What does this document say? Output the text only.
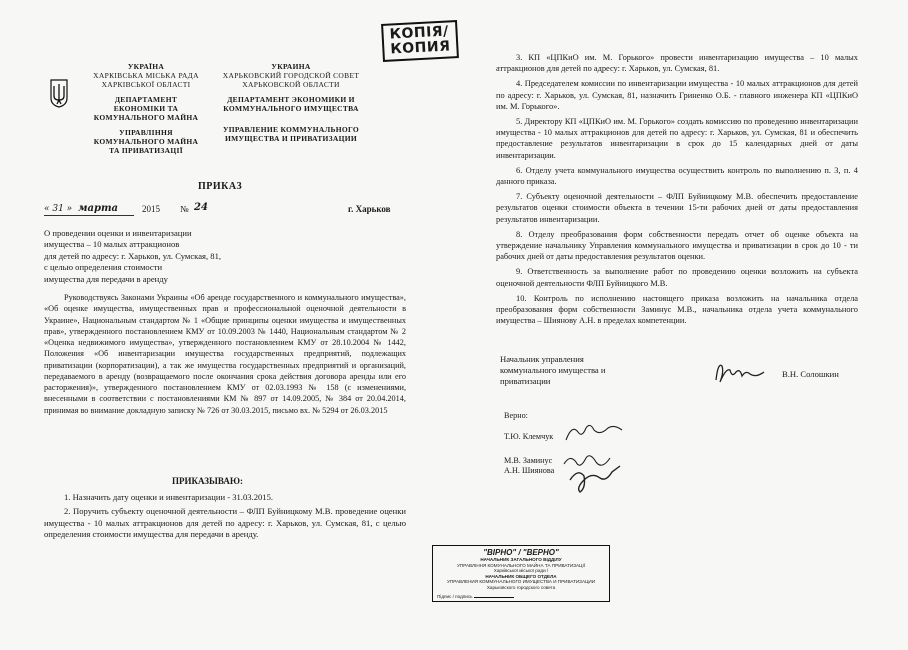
КОПІЯ/
КОПИЯ
УКРАЇНА
ХАРКІВСЬКА МІСЬКА РАДА
ХАРКІВСЬКОЇ ОБЛАСТІ
ДЕПАРТАМЕНТ
ЕКОНОМІКИ ТА
КОМУНАЛЬНОГО МАЙНА
УПРАВЛІННЯ
КОМУНАЛЬНОГО МАЙНА
ТА ПРИВАТИЗАЦІЇ
УКРАИНА
ХАРЬКОВСКИЙ ГОРОДСКОЙ СОВЕТ
ХАРЬКОВСКОЙ ОБЛАСТИ
ДЕПАРТАМЕНТ ЭКОНОМИКИ И
КОММУНАЛЬНОГО ИМУЩЕСТВА
УПРАВЛЕНИЕ КОММУНАЛЬНОГО
ИМУЩЕСТВА И ПРИВАТИЗАЦИИ
ПРИКАЗ
« 31 » марта	2015 № 24	г. Харьков

О проведении оценки и инвентаризации

имущества – 10 малых аттракционов

для детей по адресу: г. Харьков, ул. Сумская, 81,

с целью определения стоимости

имущества для передачи в аренду

Руководствуясь Законами Украины «Об аренде государственного и коммунального имущества», «Об оценке имущества, имущественных прав и профессиональной оценочной деятельности в Украине», Национальным стандартом № 1 «Общие принципы оценки имущества и имущественных прав», утвержденного постановлением КМУ от 10.09.2003 № 1440, Национальным стандартом № 2 «Оценка недвижимого имущества», утвержденного постановлением КМУ от 28.10.2004 № 1442, Положения «Об инвентаризации имущества государственных предприятий, подлежащих приватизации (корпоратизации), а так же имущества государственных предприятий и организаций, передаваемого в аренду (возвращаемого после окончания срока действия договора аренды или его расторжения)», утвержденного постановлением КМУ от 02.03.1993 № 158 (с изменениями, внесенными в соответствии с постановлениями КМ № 897 от 14.09.2005, № 384 от 20.04.2014, принимая во внимание докладную записку № 726 от 30.03.2015, письмо вх. № 5294 от 26.03.2015
ПРИКАЗЫВАЮ:

1. Назначить дату оценки и инвентаризации - 31.03.2015.

2. Поручить субъекту оценочной деятельности – ФЛП Буйницкому М.В. проведение оценки имущества - 10 малых аттракционов для детей по адресу: г. Харьков, ул. Сумская, 81, с целью определения стоимости имущества для передачи в аренду.

3. КП «ЦПКиО им. М. Горького» провести инвентаризацию имущества – 10 малых аттракционов для детей по адресу: г. Харьков, ул. Сумская, 81.

4. Председателем комиссии по инвентаризации имущества - 10 малых аттракционов для детей по адресу: г. Харьков, ул. Сумская, 81, назначить Гриненко О.Б. - главного инженера КП «ЦПКиО им. М. Горького».

5. Директору КП «ЦПКиО им. М. Горького» создать комиссию по проведению инвентаризации имущества - 10 малых аттракционов для детей по адресу: г. Харьков, ул. Сумская, 81 и обеспечить предоставление результатов инвентаризации в срок до 15 календарных дней от даты инвентаризации.

6. Отделу учета коммунального имущества осуществить контроль по выполнению п. 3, п. 4 данного приказа.

7. Субъекту оценочной деятельности – ФЛП Буйницкому М.В. обеспечить предоставление результатов оценки стоимости объекта в течении 15-ти рабочих дней от даты предоставления результатов инвентаризации.

8. Отделу преобразования форм собственности передать отчет об оценке объекта на утверждение начальнику Управления коммунального имущества и приватизации в срок до 10 - ти рабочих дней от даты предоставления результатов оценки.

9. Ответственность за выполнение работ по проведению оценки возложить на субъекта оценочной деятельности ФЛП Буйницкого М.В.

10. Контроль по исполнению настоящего приказа возложить на начальника отдела преобразования форм собственности Заминус М.В., начальника отдела учета коммунального имущества – Шиянову А.Н. в пределах компетенции.

Начальник управления

коммунального имущества и

приватизации

В.Н. Солошкин
Верно:
Т.Ю. Клемчук
М.В. Заминус
А.Н. Шиянова
"ВІРНО" / "ВЕРНО"
НАЧАЛЬНИК ЗАГАЛЬНОГО ВІДДІЛУ
УПРАВЛІННЯ КОМУНАЛЬНОГО МАЙНА ТА ПРИВАТИЗАЦІЇ
Харківської міської ради /
НАЧАЛЬНИК ОБЩЕГО ОТДЕЛА
УПРАВЛЕНИЯ КОММУНАЛЬНОГО ИМУЩЕСТВА И ПРИВАТИЗАЦИИ
Харьковского городского совета
Підпис / подпись
